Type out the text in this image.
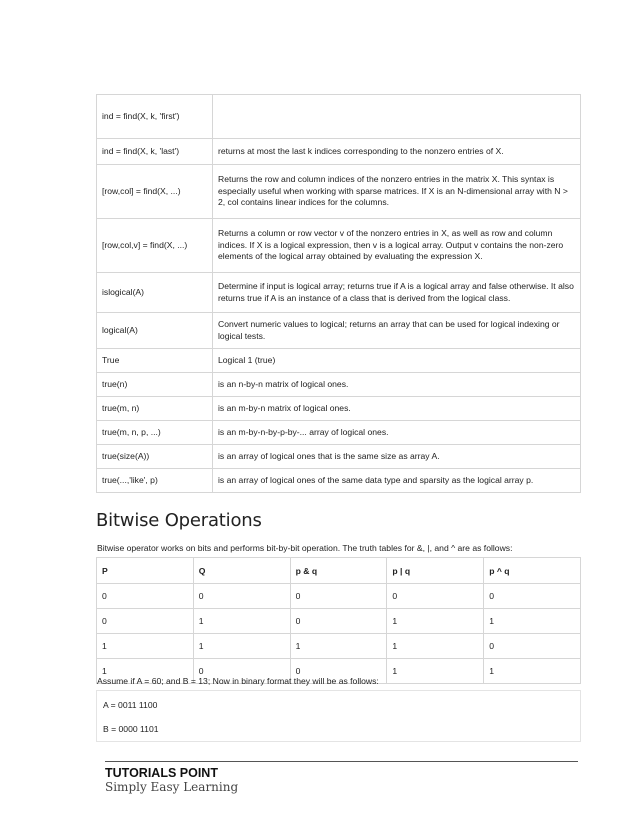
ind = find(X, k, 'first')	
ind = find(X, k, 'last')	returns at most the last k indices corresponding to the nonzero entries of X.
[row,col] = find(X, ...)	Returns the row and column indices of the nonzero entries in the matrix X. This syntax is especially useful when working with sparse matrices. If X is an N-dimensional array with N > 2, col contains linear indices for the columns.
[row,col,v] = find(X, ...)	Returns a column or row vector v of the nonzero entries in X, as well as row and column indices. If X is a logical expression, then v is a logical array. Output v contains the non-zero elements of the logical array obtained by evaluating the expression X.
islogical(A)	Determine if input is logical array; returns true if A is a logical array and false otherwise. It also returns true if A is an instance of a class that is derived from the logical class.
logical(A)	Convert numeric values to logical; returns an array that can be used for logical indexing or logical tests.
True	Logical 1 (true)
true(n)	is an n-by-n matrix of logical ones.
true(m, n)	is an m-by-n matrix of logical ones.
true(m, n, p, ...)	is an m-by-n-by-p-by-... array of logical ones.
true(size(A))	is an array of logical ones that is the same size as array A.
true(...,'like', p)	is an array of logical ones of the same data type and sparsity as the logical array p.
Bitwise Operations

Bitwise operator works on bits and performs bit-by-bit operation. The truth tables for &, |, and ^ are as follows:

P	Q	p & q	p | q	p ^ q
0	0	0	0	0
0	1	0	1	1
1	1	1	1	0
1	0	0	1	1

Assume if A = 60; and B = 13; Now in binary format they will be as follows:

A = 0011 1100
B = 0000 1101
TUTORIALS POINT
Simply Easy Learning
